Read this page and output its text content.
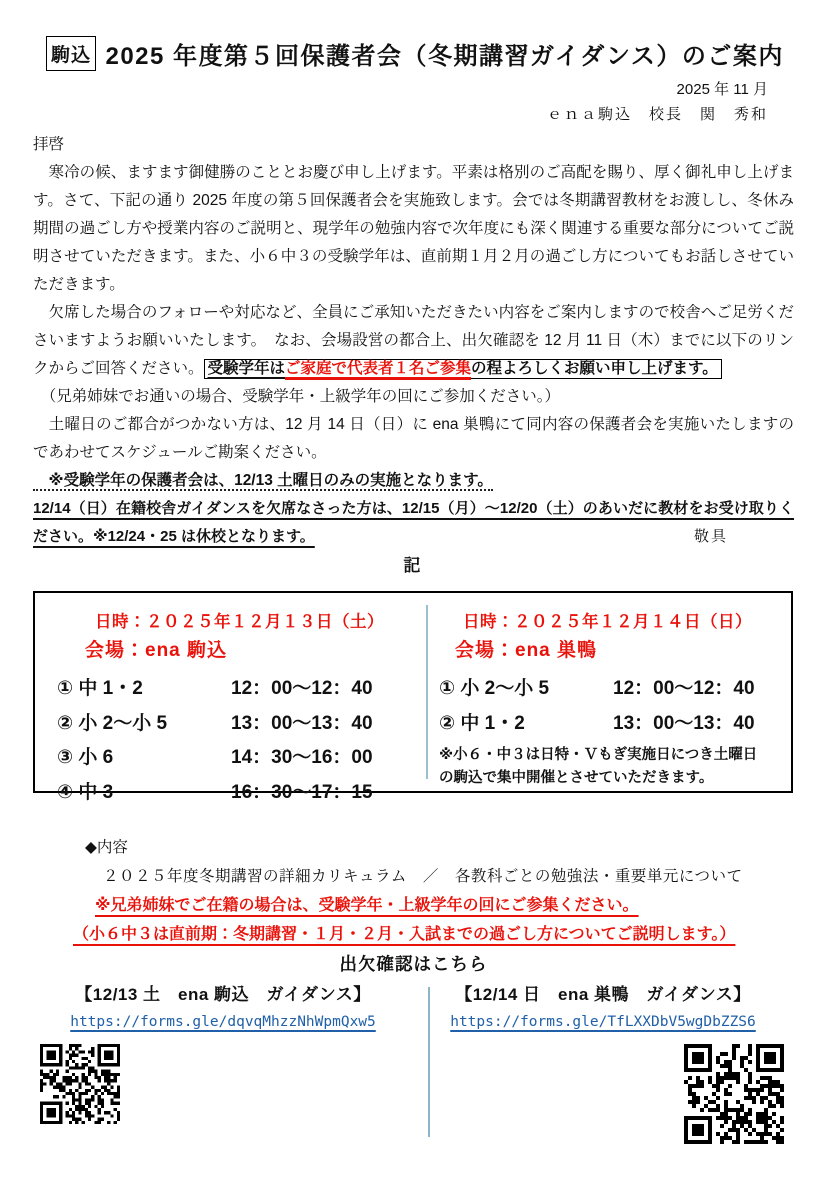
駒込 2025 年度第５回保護者会（冬期講習ガイダンス）のご案内
2025 年 11 月
ｅｎａ駒込　校長　関　秀和
拝啓

　寒冷の候、ますます御健勝のこととお慶び申し上げます。平素は格別のご高配を賜り、厚く御礼申し上げます。さて、下記の通り 2025 年度の第５回保護者会を実施致します。会では冬期講習教材をお渡しし、冬休み期間の過ごし方や授業内容のご説明と、現学年の勉強内容で次年度にも深く関連する重要な部分についてご説明させていただきます。また、小６中３の受験学年は、直前期１月２月の過ごし方についてもお話しさせていただきます。

　欠席した場合のフォローや対応など、全員にご承知いただきたい内容をご案内しますので校舎へご足労くださいますようお願いいたします。　なお、会場設営の都合上、出欠確認を 12 月 11 日（木）までに以下のリンクからご回答ください。 受験学年はご家庭で代表者１名ご参集の程よろしくお願い申し上げます。

　（兄弟姉妹でお通いの場合、受験学年・上級学年の回にご参加ください。）

　土曜日のご都合がつかない方は、12 月 14 日（日）に ena 巣鴨にて同内容の保護者会を実施いたしますのであわせてスケジュールご勘案ください。

　※受験学年の保護者会は、12/13 土曜日のみの実施となります。

12/14（日）在籍校舎ガイダンスを欠席なさった方は、12/15（月）～12/20（土）のあいだに教材をお受け取りください。※12/24・25 は休校となります。	敬具

記
日時：２０２５年１２月１３日（土）
会場：ena 駒込
① 中 1・2	12：00～12：40
② 小 2～小 5	13：00～13：40
③ 小 6	14：30～16：00
④ 中 3	16：30～17：15
日時：２０２５年１２月１４日（日）
会場：ena 巣鴨
① 小 2～小 5	12：00～12：40
② 中 1・2	13：00～13：40
※小６・中３は日特・Ｖもぎ実施日につき土曜日の駒込で集中開催とさせていただきます。
◆内容
２０２５年度冬期講習の詳細カリキュラム　／　各教科ごとの勉強法・重要単元について
※兄弟姉妹でご在籍の場合は、受験学年・上級学年の回にご参集ください。
（小６中３は直前期：冬期講習・１月・２月・入試までの過ごし方についてご説明します。）
出欠確認はこちら
【12/13 土　ena 駒込　ガイダンス】
https://forms.gle/dqvqMhzzNhWpmQxw5
【12/14 日　ena 巣鴨　ガイダンス】
https://forms.gle/TfLXXDbV5wgDbZZS6
